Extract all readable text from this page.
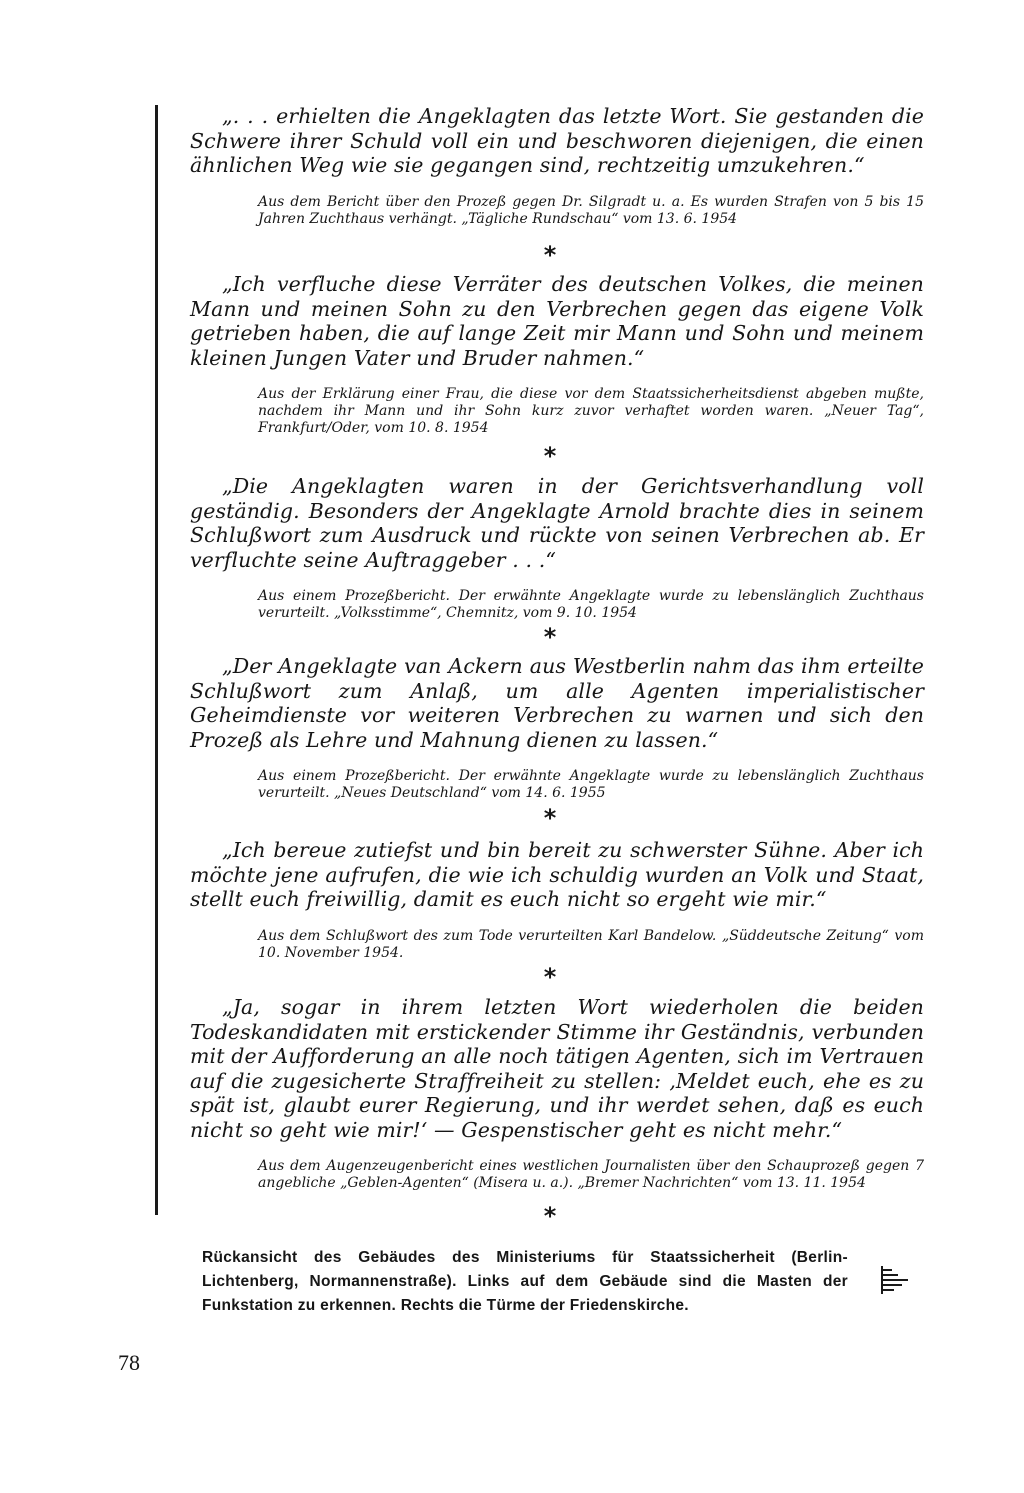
„. . . erhielten die Angeklagten das letzte Wort. Sie gestanden die Schwere ihrer Schuld voll ein und beschworen diejenigen, die einen ähnlichen Weg wie sie gegangen sind, rechtzeitig umzukehren.“

Aus dem Bericht über den Prozeß gegen Dr. Silgradt u. a. Es wurden Strafen von 5 bis 15 Jahren Zuchthaus verhängt. „Tägliche Rundschau“ vom 13. 6. 1954

*

„Ich verfluche diese Verräter des deutschen Volkes, die meinen Mann und meinen Sohn zu den Verbrechen gegen das eigene Volk getrieben haben, die auf lange Zeit mir Mann und Sohn und meinem kleinen Jungen Vater und Bruder nahmen.“

Aus der Erklärung einer Frau, die diese vor dem Staatssicherheitsdienst abgeben mußte, nachdem ihr Mann und ihr Sohn kurz zuvor verhaftet worden waren. „Neuer Tag“, Frankfurt/Oder, vom 10. 8. 1954

*

„Die Angeklagten waren in der Gerichtsverhandlung voll geständig. Besonders der Angeklagte Arnold brachte dies in seinem Schlußwort zum Ausdruck und rückte von seinen Verbrechen ab. Er verfluchte seine Auftraggeber . . .“

Aus einem Prozeßbericht. Der erwähnte Angeklagte wurde zu lebenslänglich Zuchthaus verurteilt. „Volksstimme“, Chemnitz, vom 9. 10. 1954

*

„Der Angeklagte van Ackern aus Westberlin nahm das ihm erteilte Schlußwort zum Anlaß, um alle Agenten imperialistischer Geheimdienste vor weiteren Verbrechen zu warnen und sich den Prozeß als Lehre und Mahnung dienen zu lassen.“

Aus einem Prozeßbericht. Der erwähnte Angeklagte wurde zu lebenslänglich Zuchthaus verurteilt. „Neues Deutschland“ vom 14. 6. 1955

*

„Ich bereue zutiefst und bin bereit zu schwerster Sühne. Aber ich möchte jene aufrufen, die wie ich schuldig wurden an Volk und Staat, stellt euch freiwillig, damit es euch nicht so ergeht wie mir.“

Aus dem Schlußwort des zum Tode verurteilten Karl Bandelow. „Süddeutsche Zeitung“ vom 10. November 1954.

*

„Ja, sogar in ihrem letzten Wort wiederholen die beiden Todeskandidaten mit erstickender Stimme ihr Geständnis, verbunden mit der Aufforderung an alle noch tätigen Agenten, sich im Vertrauen auf die zugesicherte Straffreiheit zu stellen: ‚Meldet euch, ehe es zu spät ist, glaubt eurer Regierung, und ihr werdet sehen, daß es euch nicht so geht wie mir!‘ — Gespenstischer geht es nicht mehr.“

Aus dem Augenzeugenbericht eines westlichen Journalisten über den Schauprozeß gegen 7 angebliche „Geblen-Agenten“ (Misera u. a.). „Bremer Nachrichten“ vom 13. 11. 1954

*

Rückansicht des Gebäudes des Ministeriums für Staatssicherheit (Berlin-Lichtenberg, Normannenstraße). Links auf dem Gebäude sind die Masten der Funkstation zu erkennen. Rechts die Türme der Friedenskirche.

78
